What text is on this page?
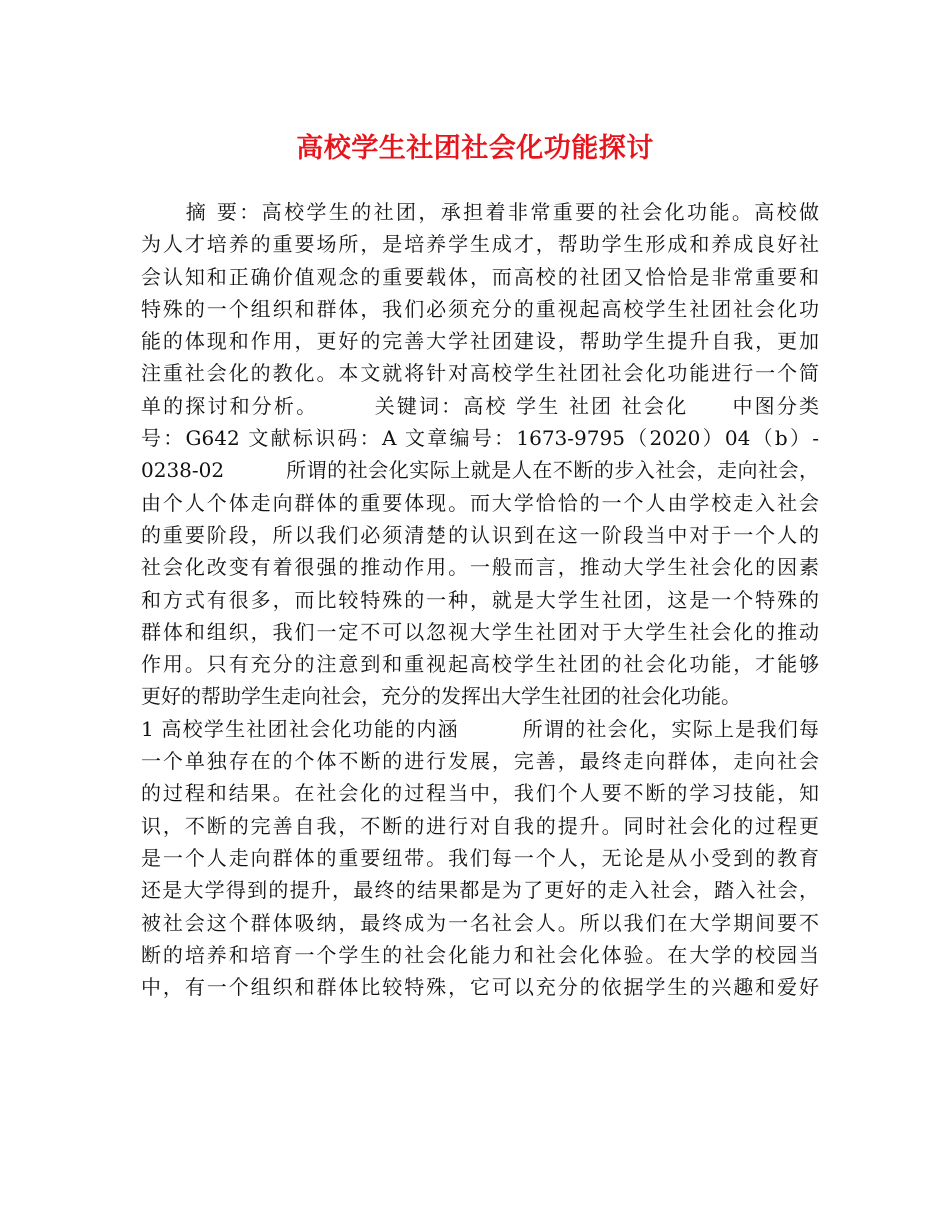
高校学生社团社会化功能探讨
　　摘 要：高校学生的社团，承担着非常重要的社会化功能。高校做
为人才培养的重要场所，是培养学生成才，帮助学生形成和养成良好社
会认知和正确价值观念的重要载体，而高校的社团又恰恰是非常重要和
特殊的一个组织和群体，我们必须充分的重视起高校学生社团社会化功
能的体现和作用，更好的完善大学社团建设，帮助学生提升自我，更加
注重社会化的教化。本文就将针对高校学生社团社会化功能进行一个简
单的探讨和分析。　　　关键词：高校 学生 社团 社会化　　中图分类
号：G642 文献标识码：A 文章编号：1673-9795（2020）04（b）-
0238-02　　　所谓的社会化实际上就是人在不断的步入社会，走向社会，
由个人个体走向群体的重要体现。而大学恰恰的一个人由学校走入社会
的重要阶段，所以我们必须清楚的认识到在这一阶段当中对于一个人的
社会化改变有着很强的推动作用。一般而言，推动大学生社会化的因素
和方式有很多，而比较特殊的一种，就是大学生社团，这是一个特殊的
群体和组织，我们一定不可以忽视大学生社团对于大学生社会化的推动
作用。只有充分的注意到和重视起高校学生社团的社会化功能，才能够
更好的帮助学生走向社会，充分的发挥出大学生社团的社会化功能。
1 高校学生社团社会化功能的内涵　　　所谓的社会化，实际上是我们每
一个单独存在的个体不断的进行发展，完善，最终走向群体，走向社会
的过程和结果。在社会化的过程当中，我们个人要不断的学习技能，知
识，不断的完善自我，不断的进行对自我的提升。同时社会化的过程更
是一个人走向群体的重要纽带。我们每一个人，无论是从小受到的教育
还是大学得到的提升，最终的结果都是为了更好的走入社会，踏入社会，
被社会这个群体吸纳，最终成为一名社会人。所以我们在大学期间要不
断的培养和培育一个学生的社会化能力和社会化体验。在大学的校园当
中，有一个组织和群体比较特殊，它可以充分的依据学生的兴趣和爱好
